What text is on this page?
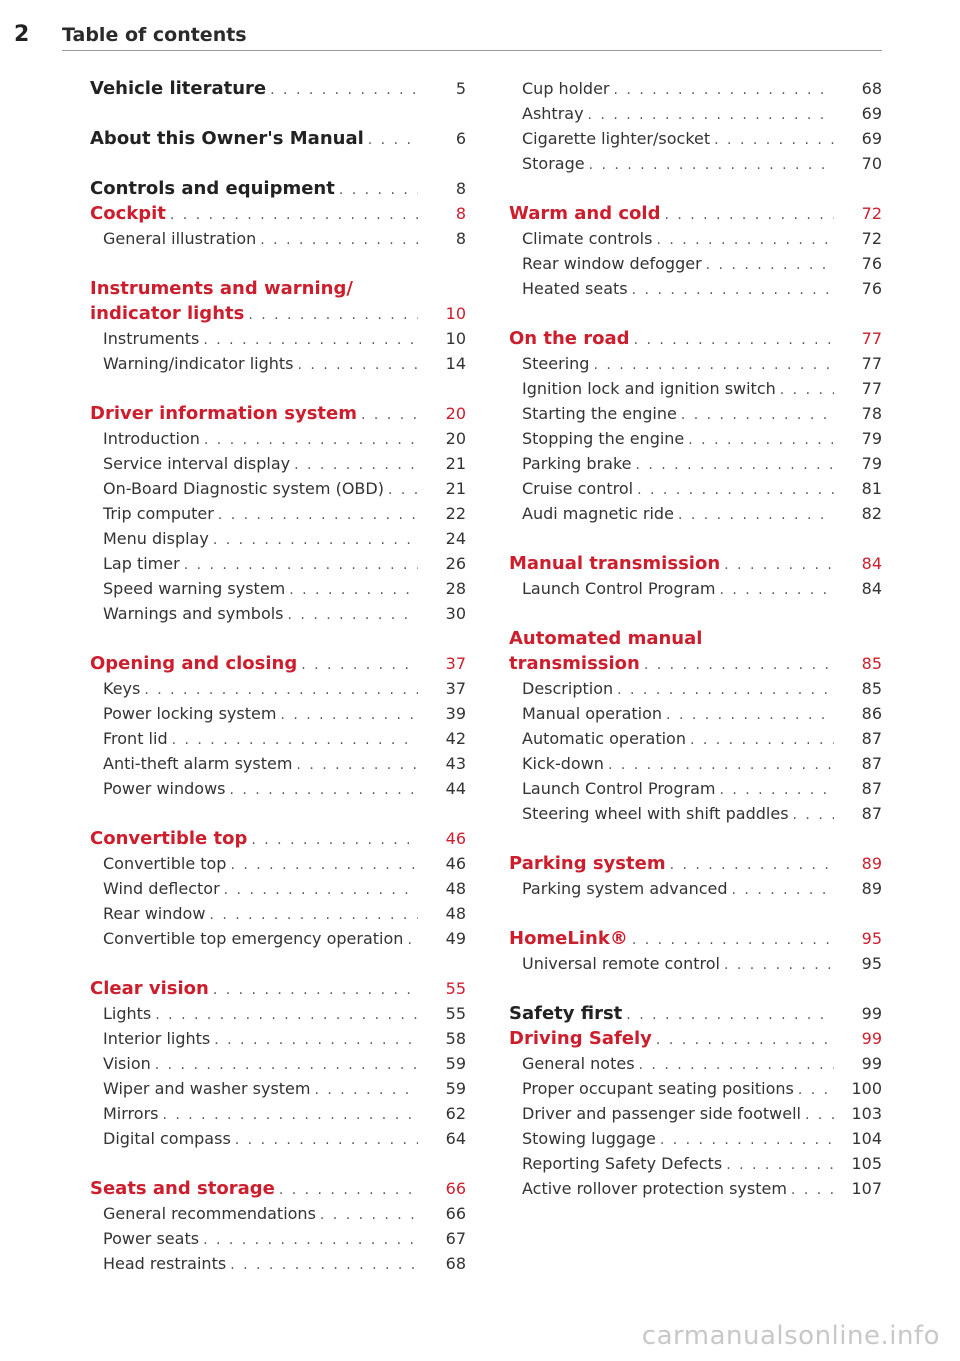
2 Table of contents
Vehicle literature . . .	5
About this Owner's Manual . . .	6
Controls and equipment . . .	8
Cockpit . . .	8
General illustration . . .	8
Instruments and warning/
indicator lights . . .	10
Instruments . . .	10
Warning/indicator lights . . .	14
Driver information system . . .	20
Introduction . . .	20
Service interval display . . .	21
On-Board Diagnostic system (OBD) . . .	21
Trip computer . . .	22
Menu display . . .	24
Lap timer . . .	26
Speed warning system . . .	28
Warnings and symbols . . .	30
Opening and closing . . .	37
Keys . . .	37
Power locking system . . .	39
Front lid . . .	42
Anti-theft alarm system . . .	43
Power windows . . .	44
Convertible top . . .	46
Convertible top . . .	46
Wind deflector . . .	48
Rear window . . .	48
Convertible top emergency operation . . .	49
Clear vision . . .	55
Lights . . .	55
Interior lights . . .	58
Vision . . .	59
Wiper and washer system . . .	59
Mirrors . . .	62
Digital compass . . .	64
Seats and storage . . .	66
General recommendations . . .	66
Power seats . . .	67
Head restraints . . .	68
Cup holder . . .	68
Ashtray . . .	69
Cigarette lighter/socket . . .	69
Storage . . .	70
Warm and cold . . .	72
Climate controls . . .	72
Rear window defogger . . .	76
Heated seats . . .	76
On the road . . .	77
Steering . . .	77
Ignition lock and ignition switch . . .	77
Starting the engine . . .	78
Stopping the engine . . .	79
Parking brake . . .	79
Cruise control . . .	81
Audi magnetic ride . . .	82
Manual transmission . . .	84
Launch Control Program . . .	84
Automated manual
transmission . . .	85
Description . . .	85
Manual operation . . .	86
Automatic operation . . .	87
Kick-down . . .	87
Launch Control Program . . .	87
Steering wheel with shift paddles . . .	87
Parking system . . .	89
Parking system advanced . . .	89
HomeLink® . . .	95
Universal remote control . . .	95
Safety first . . .	99
Driving Safely . . .	99
General notes . . .	99
Proper occupant seating positions . . .	100
Driver and passenger side footwell . . .	103
Stowing luggage . . .	104
Reporting Safety Defects . . .	105
Active rollover protection system . . .	107
carmanualsonline.info
